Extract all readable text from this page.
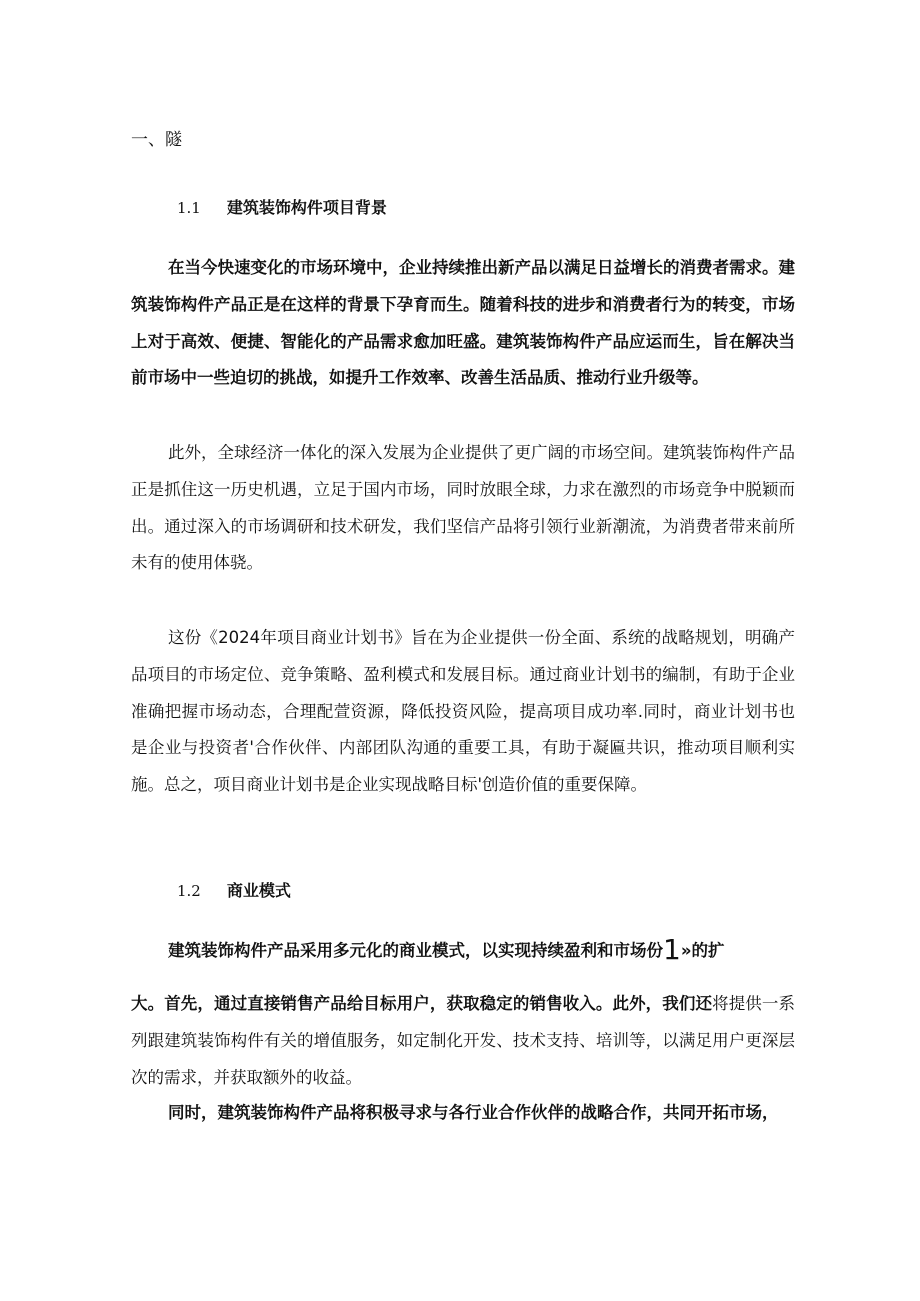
一、隧
1.1 建筑装饰构件项目背景

在当今快速变化的市场环境中，企业持续推出新产品以满足日益增长的消费者需求。建筑装饰构件产品正是在这样的背景下孕育而生。随着科技的进步和消费者行为的转变，市场上对于高效、便捷、智能化的产品需求愈加旺盛。建筑装饰构件产品应运而生，旨在解决当前市场中一些迫切的挑战，如提升工作效率、改善生活品质、推动行业升级等。

此外，全球经济一体化的深入发展为企业提供了更广阔的市场空间。建筑装饰构件产品正是抓住这一历史机遇，立足于国内市场，同时放眼全球，力求在激烈的市场竞争中脱颖而出。通过深入的市场调研和技术研发，我们坚信产品将引领行业新潮流，为消费者带来前所未有的使用体骁。

这份《2024年项目商业计划书》旨在为企业提供一份全面、系统的战略规划，明确产品项目的市场定位、竞争策略、盈利模式和发展目标。通过商业计划书的编制，有助于企业准确把握市场动态，合理配萱资源，降低投资风险，提高项目成功率.同时，商业计划书也是企业与投资者'合作伙伴、内部团队沟通的重要工具，有助于凝匾共识，推动项目顺利实施。总之，项目商业计划书是企业实现战略目标'创造价值的重要保障。

1.2 商业模式
建筑装饰构件产品采用多元化的商业模式，以实现持续盈利和市场份1»的扩

大。首先，通过直接销售产品给目标用户，获取稳定的销售收入。此外，我们还将提供一系列跟建筑装饰构件有关的增值服务，如定制化开发、技术支持、培训等，以满足用户更深层次的需求，并获取额外的收益。

同时，建筑装饰构件产品将积极寻求与各行业合作伙伴的战略合作，共同开拓市场，
